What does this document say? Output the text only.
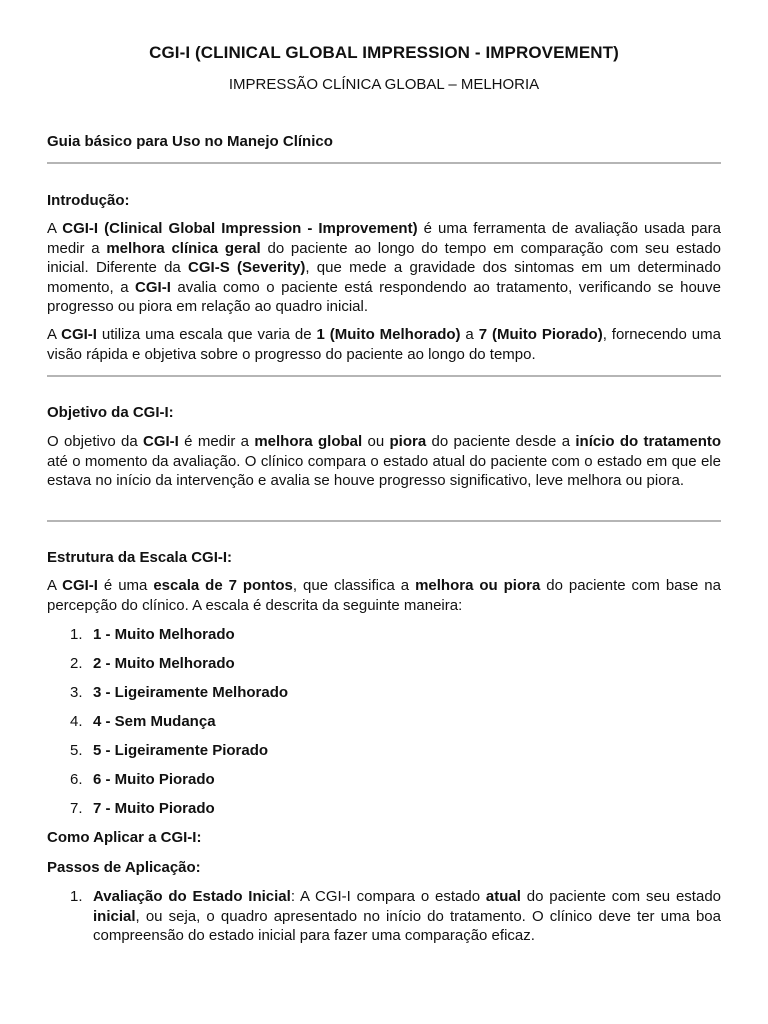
CGI-I (CLINICAL GLOBAL IMPRESSION - IMPROVEMENT)
IMPRESSÃO CLÍNICA GLOBAL – MELHORIA
Guia básico para Uso no Manejo Clínico
Introdução:
A CGI-I (Clinical Global Impression - Improvement) é uma ferramenta de avaliação usada para medir a melhora clínica geral do paciente ao longo do tempo em comparação com seu estado inicial. Diferente da CGI-S (Severity), que mede a gravidade dos sintomas em um determinado momento, a CGI-I avalia como o paciente está respondendo ao tratamento, verificando se houve progresso ou piora em relação ao quadro inicial.
A CGI-I utiliza uma escala que varia de 1 (Muito Melhorado) a 7 (Muito Piorado), fornecendo uma visão rápida e objetiva sobre o progresso do paciente ao longo do tempo.
Objetivo da CGI-I:
O objetivo da CGI-I é medir a melhora global ou piora do paciente desde a início do tratamento até o momento da avaliação. O clínico compara o estado atual do paciente com o estado em que ele estava no início da intervenção e avalia se houve progresso significativo, leve melhora ou piora.
Estrutura da Escala CGI-I:
A CGI-I é uma escala de 7 pontos, que classifica a melhora ou piora do paciente com base na percepção do clínico. A escala é descrita da seguinte maneira:
1. 1 - Muito Melhorado
2. 2 - Muito Melhorado
3. 3 - Ligeiramente Melhorado
4. 4 - Sem Mudança
5. 5 - Ligeiramente Piorado
6. 6 - Muito Piorado
7. 7 - Muito Piorado
Como Aplicar a CGI-I:
Passos de Aplicação:
1. Avaliação do Estado Inicial: A CGI-I compara o estado atual do paciente com seu estado inicial, ou seja, o quadro apresentado no início do tratamento. O clínico deve ter uma boa compreensão do estado inicial para fazer uma comparação eficaz.
